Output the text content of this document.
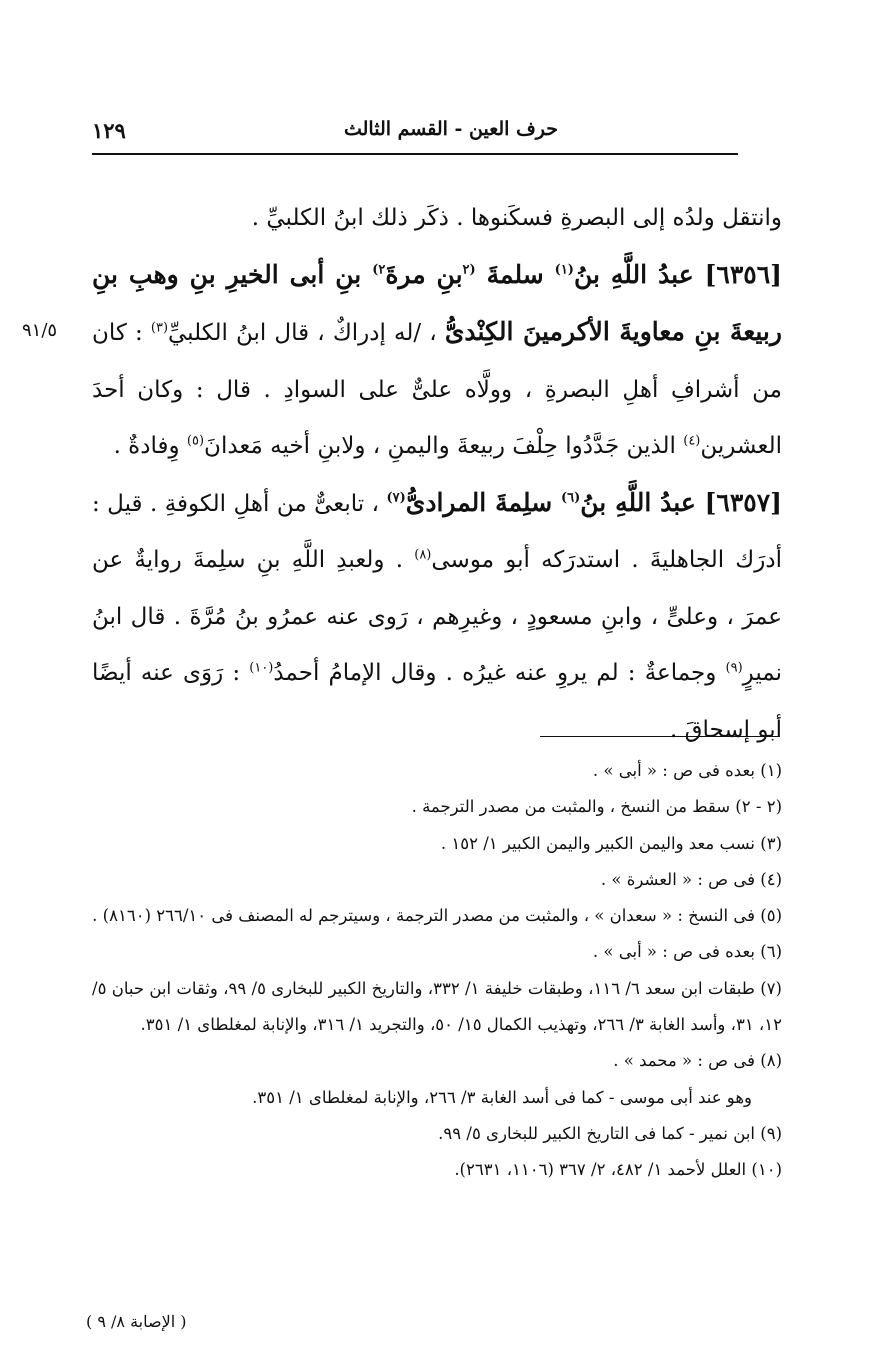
حرف العين - القسم الثالث
١٢٩
٩١/٥

وانتقل ولدُه إلى البصرةِ فسكَنوها . ذكَر ذلك ابنُ الكلبيِّ .

[٦٣٥٦] عبدُ اللَّهِ بنُ$^{(١)}$ سلمةَ $^{(٢}$بنِ مرةَ$^{٢)}$ بنِ أبى الخيرِ بنِ وهبِ بنِ ربيعةَ بنِ معاويةَ الأكرمينَ الكِنْدىُّ ، /له إدراكٌ ، قال ابنُ الكلبيِّ$^{(٣)}$ : كان من أشرافِ أهلِ البصرةِ ، وولَّاه علىٌّ على السوادِ . قال : وكان أحدَ العشرين$^{(٤)}$ الذين جَدَّدُوا حِلْفَ ربيعةَ واليمنِ ، ولابنِ أخيه مَعدانَ$^{(٥)}$ وِفادةٌ .

[٦٣٥٧] عبدُ اللَّهِ بنُ$^{(٦)}$ سلِمةَ المرادىُّ$^{(٧)}$ ، تابعىٌّ من أهلِ الكوفةِ . قيل : أدرَك الجاهليةَ . استدرَكه أبو موسى$^{(٨)}$ . ولعبدِ اللَّهِ بنِ سلِمةَ روايةٌ عن عمرَ ، وعلىٍّ ، وابنِ مسعودٍ ، وغيرِهم ، رَوى عنه عمرُو بنُ مُرَّةَ . قال ابنُ نميرٍ$^{(٩)}$ وجماعةٌ : لم يروِ عنه غيرُه . وقال الإمامُ أحمدُ$^{(١٠)}$ : رَوَى عنه أيضًا أبو إسحاقَ .

(١) بعده فى ص : « أبى » .

(٢ - ٢) سقط من النسخ ، والمثبت من مصدر الترجمة .

(٣) نسب معد واليمن الكبير واليمن الكبير ١/ ١٥٢ .

(٤) فى ص : « العشرة » .

(٥) فى النسخ : « سعدان » ، والمثبت من مصدر الترجمة ، وسيترجم له المصنف فى ٢٦٦/١٠ (٨١٦٠) .

(٦) بعده فى ص : « أبى » .

(٧) طبقات ابن سعد ٦/ ١١٦، وطبقات خليفة ١/ ٣٣٢، والتاريخ الكبير للبخارى ٥/ ٩٩، وثقات ابن حبان ٥/ ١٢، ٣١، وأسد الغابة ٣/ ٢٦٦، وتهذيب الكمال ١٥/ ٥٠، والتجريد ١/ ٣١٦، والإنابة لمغلطاى ١/ ٣٥١.

(٨) فى ص : « محمد » .

وهو عند أبى موسى - كما فى أسد الغابة ٣/ ٢٦٦، والإنابة لمغلطاى ١/ ٣٥١.

(٩) ابن نمير - كما فى التاريخ الكبير للبخارى ٥/ ٩٩.

(١٠) العلل لأحمد ١/ ٤٨٢، ٢/ ٣٦٧ (١١٠٦، ٢٦٣١).

( الإصابة ٨/ ٩ )
